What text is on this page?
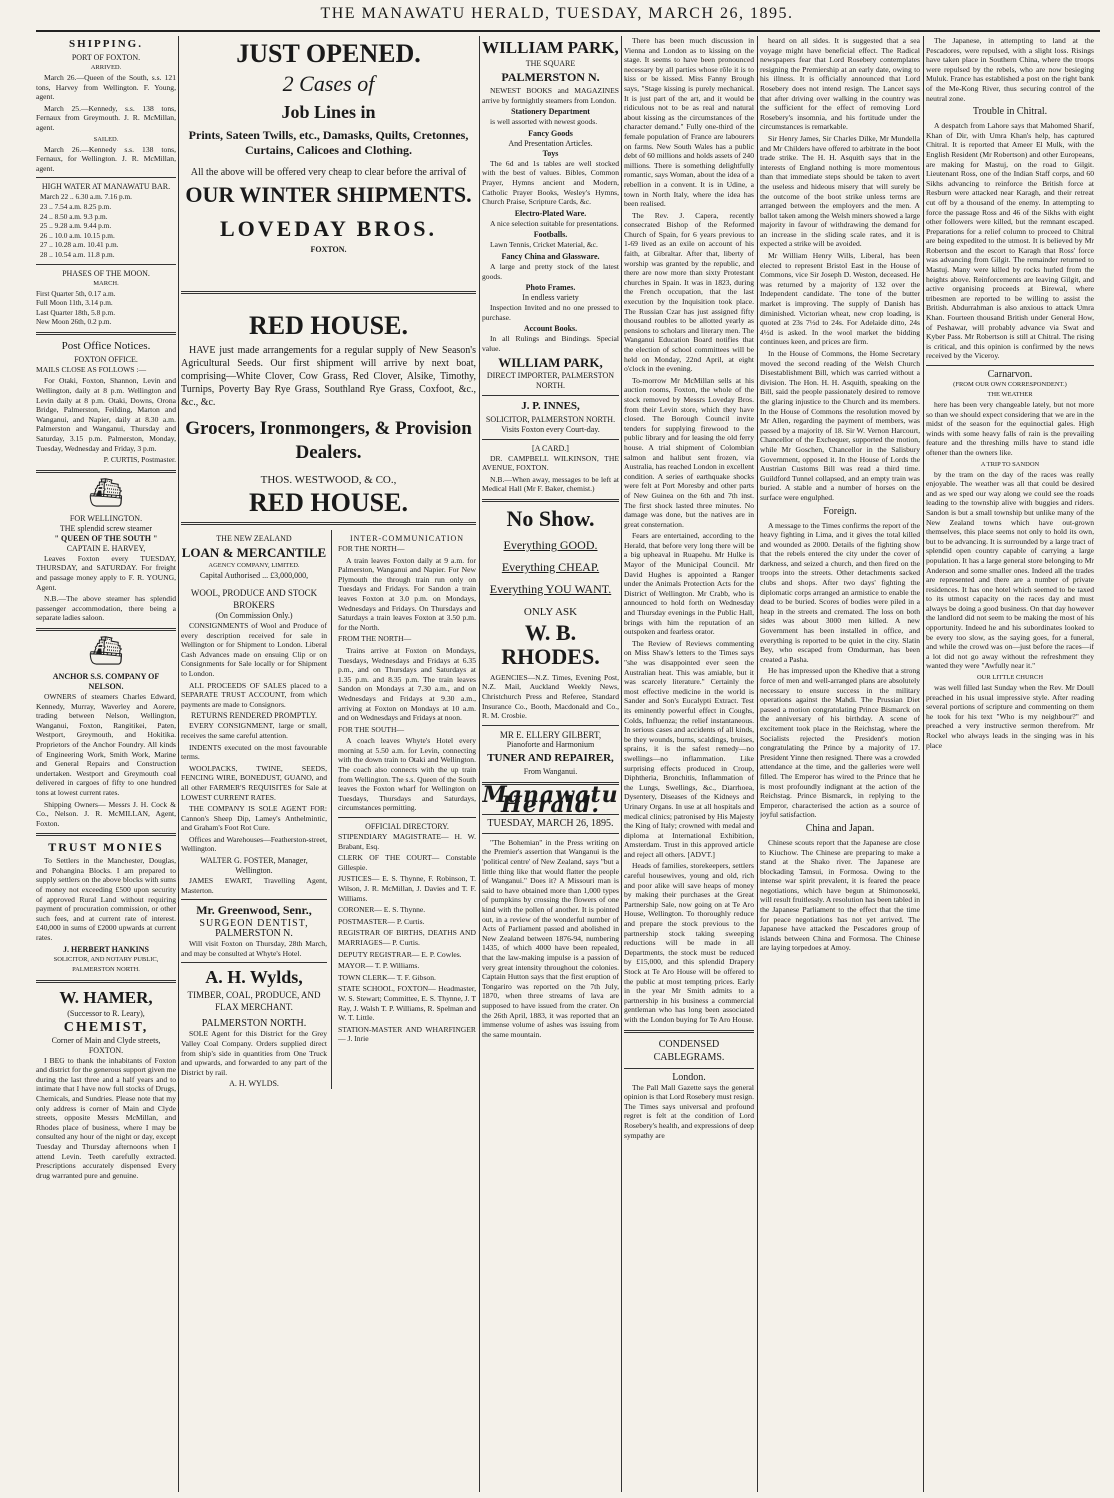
THE MANAWATU HERALD, TUESDAY, MARCH 26, 1895.
SHIPPING.
PORT OF FOXTON.
ARRIVED.
March 26.—Queen of the South, s.s. 121 tons, Harvey from Wellington. F. Young, agent.
March 25.—Kennedy, s.s. 138 tons, Fernaux from Greymouth. J. R. McMillan, agent.
SAILED.
March 26.—Kennedy s.s. 138 tons, Fernaux, for Wellington. J. R. McMillan, agent.
HIGH WATER AT MANAWATU BAR.
March 22 .. 6.30 a.m. 7.16 p.m.
23 .. 7.54 a.m. 8.25 p.m.
24 .. 8.50 a.m. 9.3 p.m.
25 .. 9.28 a.m. 9.44 p.m.
26 .. 10.0 a.m. 10.15 p.m.
27 .. 10.28 a.m. 10.41 p.m.
28 .. 10.54 a.m. 11.8 p.m.
PHASES OF THE MOON.
MARCH.
First Quarter 5th, 0.17 a.m.
Full Moon 11th, 3.14 p.m.
Last Quarter 18th, 5.8 p.m.
New Moon 26th, 0.2 p.m.
Post Office Notices.
FOXTON OFFICE.
MAILS CLOSE AS FOLLOWS :—
For Otaki, Foxton, Shannon, Levin and Wellington, daily at 8 p.m. Wellington and Levin daily at 8 p.m. Otaki, Downs, Orona Bridge, Palmerston, Feilding, Marton and Wanganui, and Napier, daily at 8.30 a.m. Palmerston and Wanganui, Thursday and Saturday, 3.15 p.m. Palmerston, Monday, Tuesday, Wednesday and Friday, 3 p.m.
P. CURTIS, Postmaster.
⛴
FOR WELLINGTON.
THE splendid screw steamer
" QUEEN OF THE SOUTH "
CAPTAIN E. HARVEY,
Leaves Foxton every TUESDAY, THURSDAY, and SATURDAY. For freight and passage money apply to F. R. YOUNG, Agent.
N.B.—The above steamer has splendid passenger accommodation, there being a separate ladies saloon.
⛴
ANCHOR S.S. COMPANY OF NELSON.
OWNERS of steamers Charles Edward, Kennedy, Murray, Waverley and Aorere, trading between Nelson, Wellington, Wanganui, Foxton, Rangitikei, Paten, Westport, Greymouth, and Hokitika. Proprietors of the Anchor Foundry. All kinds of Engineering Work, Smith Work, Marine and General Repairs and Construction undertaken. Westport and Greymouth coal delivered in cargoes of fifty to one hundred tons at lowest current rates.
Shipping Owners— Messrs J. H. Cock & Co., Nelson. J. R. McMILLAN, Agent, Foxton.
TRUST MONIES
To Settlers in the Manchester, Douglas, and Pohangina Blocks. I am prepared to supply settlers on the above blocks with sums of money not exceeding £500 upon security of approved Rural Land without requiring payment of procuration commission, or other such fees, and at current rate of interest. £40,000 in sums of £2000 upwards at current rates.
J. HERBERT HANKINS
SOLICITOR, AND NOTARY PUBLIC, PALMERSTON NORTH.
W. HAMER,
(Successor to R. Leary),
CHEMIST,
Corner of Main and Clyde streets, FOXTON.
I BEG to thank the inhabitants of Foxton and district for the generous support given me during the last three and a half years and to intimate that I have now full stocks of Drugs, Chemicals, and Sundries. Please note that my only address is corner of Main and Clyde streets, opposite Messrs McMillan, and Rhodes place of business, where I may be consulted any hour of the night or day, except Tuesday and Thursday afternoons when I attend Levin. Teeth carefully extracted. Prescriptions accurately dispensed Every drug warranted pure and genuine.
JUST OPENED.
2 Cases of
Job Lines in
Prints, Sateen Twills, etc., Damasks, Quilts, Cretonnes, Curtains, Calicoes and Clothing.
All the above will be offered very cheap to clear before the arrival of
OUR WINTER SHIPMENTS.
LOVEDAY BROS.
FOXTON.
RED HOUSE.
HAVE just made arrangements for a regular supply of New Season's Agricultural Seeds. Our first shipment will arrive by next boat, comprising—White Clover, Cow Grass, Red Clover, Alsike, Timothy, Turnips, Poverty Bay Rye Grass, Southland Rye Grass, Coxfoot, &c., &c., &c.
Grocers, Ironmongers, & Provision Dealers.
THOS. WESTWOOD, & CO.,
RED HOUSE.
THE NEW ZEALAND
LOAN & MERCANTILE
AGENCY COMPANY, LIMITED.
Capital Authorised ... £3,000,000,
WOOL, PRODUCE AND STOCK BROKERS
(On Commission Only.)
CONSIGNMENTS of Wool and Produce of every description received for sale in Wellington or for Shipment to London. Liberal Cash Advances made on ensuing Clip or on Consignments for Sale locally or for Shipment to London.
ALL PROCEEDS OF SALES placed to a SEPARATE TRUST ACCOUNT, from which payments are made to Consignors.
RETURNS RENDERED PROMPTLY.
EVERY CONSIGNMENT, large or small, receives the same careful attention.
INDENTS executed on the most favourable terms.
WOOLPACKS, TWINE, SEEDS, FENCING WIRE, BONEDUST, GUANO, and all other FARMER'S REQUISITES for Sale at LOWEST CURRENT RATES.
THE COMPANY IS SOLE AGENT FOR: Cannon's Sheep Dip, Lamey's Anthelmintic, and Graham's Foot Rot Cure.
Offices and Warehouses—Featherston-street, Wellington.
WALTER G. FOSTER, Manager, Wellington.
JAMES EWART, Travelling Agent, Masterton.
Mr. Greenwood, Senr.,
SURGEON DENTIST,
PALMERSTON N.
Will visit Foxton on Thursday, 28th March, and may be consulted at Whyte's Hotel.
A. H. Wylds,
TIMBER, COAL, PRODUCE, AND FLAX MERCHANT.
PALMERSTON NORTH.
SOLE Agent for this District for the Grey Valley Coal Company. Orders supplied direct from ship's side in quantities from One Truck and upwards, and forwarded to any part of the District by rail.
A. H. WYLDS.
INTER-COMMUNICATION
FOR THE NORTH—
A train leaves Foxton daily at 9 a.m. for Palmerston, Wanganui and Napier. For New Plymouth the through train run only on Tuesdays and Fridays. For Sandon a train leaves Foxton at 3.0 p.m. on Mondays, Wednesdays and Fridays. On Thursdays and Saturdays a train leaves Foxton at 3.50 p.m. for the North.
FROM THE NORTH—
Trains arrive at Foxton on Mondays, Tuesdays, Wednesdays and Fridays at 6.35 p.m., and on Thursdays and Saturdays at 1.35 p.m. and 8.35 p.m. The train leaves Sandon on Mondays at 7.30 a.m., and on Wednesdays and Fridays at 9.30 a.m., arriving at Foxton on Mondays at 10 a.m. and on Wednesdays and Fridays at noon.
FOR THE SOUTH—
A coach leaves Whyte's Hotel every morning at 5.50 a.m. for Levin, connecting with the down train to Otaki and Wellington. The coach also connects with the up train from Wellington. The s.s. Queen of the South leaves the Foxton wharf for Wellington on Tuesdays, Thursdays and Saturdays, circumstances permitting.
OFFICIAL DIRECTORY.
STIPENDIARY MAGISTRATE— H. W. Brabant, Esq.
CLERK OF THE COURT— Constable Gillespie.
JUSTICES— E. S. Thynne, F. Robinson, T. Wilson, J. R. McMillan, J. Davies and T. F. Williams.
CORONER— E. S. Thynne.
POSTMASTER— P. Curtis.
REGISTRAR OF BIRTHS, DEATHS AND MARRIAGES— P. Curtis.
DEPUTY REGISTRAR— E. P. Cowles.
MAYOR— T. P. Williams.
TOWN CLERK— T. F. Gibson.
STATE SCHOOL, FOXTON— Headmaster, W. S. Stewart; Committee, E. S. Thynne, J. T Ray, J. Walsh T. P. Williams, R. Spelman and W. T. Little.
STATION-MASTER AND WHARFINGER— J. Inrie
WILLIAM PARK,
THE SQUARE
PALMERSTON N.
NEWEST BOOKS and MAGAZINES arrive by fortnightly steamers from London.
Stationery Department
is well assorted with newest goods.
Fancy Goods
And Presentation Articles.
Toys
The 6d and 1s tables are well stocked with the best of values. Bibles, Common Prayer, Hymns ancient and Modern, Catholic Prayer Books, Wesley's Hymns, Church Praise, Scripture Cards, &c.
Electro-Plated Ware.
A nice selection suitable for presentations.
Footballs.
Lawn Tennis, Cricket Material, &c.
Fancy China and Glassware.
A large and pretty stock of the latest goods.
Photo Frames.
In endless variety
Inspection Invited and no one pressed to purchase.
Account Books.
In all Rulings and Bindings. Special value.
WILLIAM PARK,
DIRECT IMPORTER, PALMERSTON NORTH.
J. P. INNES,
SOLICITOR, PALMERSTON NORTH.
Visits Foxton every Court-day.
[A CARD.]
DR. CAMPBELL WILKINSON, THE AVENUE, FOXTON.
N.B.—When away, messages to be left at Medical Hall (Mr F. Baker, chemist.)
No Show.
Everything GOOD.
Everything CHEAP.
Everything YOU WANT.
ONLY ASK
W. B. RHODES.
AGENCIES—N.Z. Times, Evening Post, N.Z. Mail, Auckland Weekly News, Christchurch Press and Referee, Standard Insurance Co., Booth, Macdonald and Co., R. M. Crosbie.
MR E. ELLERY GILBERT,
Pianoforte and Harmonium
TUNER AND REPAIRER,
From Wanganui.
Manawatu Herald.
TUESDAY, MARCH 26, 1895.
"The Bohemian" in the Press writing on the Premier's assertion that Wanganui is the 'political centre' of New Zealand, says "but a little thing like that would flatter the people of Wanganui." Does it? A Missouri man is said to have obtained more than 1,000 types of pumpkins by crossing the flowers of one kind with the pollen of another. It is pointed out, in a review of the wonderful number of Acts of Parliament passed and abolished in New Zealand between 1876-94, numbering 1435, of which 4000 have been repealed, that the law-making impulse is a passion of very great intensity throughout the colonies. Captain Hutton says that the first eruption of Tongariro was reported on the 7th July, 1870, when three streams of lava are supposed to have issued from the crater. On the 26th April, 1883, it was reported that an immense volume of ashes was issuing from the same mountain.
There has been much discussion in Vienna and London as to kissing on the stage. It seems to have been pronounced necessary by all parties whose rôle it is to kiss or be kissed. Miss Fanny Brough says, "Stage kissing is purely mechanical. It is just part of the art, and it would be ridiculous not to be as real and natural about kissing as the circumstances of the character demand." Fully one-third of the female population of France are labourers on farms. New South Wales has a public debt of 60 millions and holds assets of 240 millions. There is something delightfully romantic, says Woman, about the idea of a rebellion in a convent. It is in Udine, a town in North Italy, where the idea has been realised.
The Rev. J. Capera, recently consecrated Bishop of the Reformed Church of Spain, for 6 years previous to 1-69 lived as an exile on account of his faith, at Gibraltar. After that, liberty of worship was granted by the republic, and there are now more than sixty Protestant churches in Spain. It was in 1823, during the French occupation, that the last execution by the Inquisition took place. The Russian Czar has just assigned fifty thousand roubles to be allotted yearly as pensions to scholars and literary men. The Wanganui Education Board notifies that the election of school committees will be held on Monday, 22nd April, at eight o'clock in the evening.
To-morrow Mr McMillan sells at his auction rooms, Foxton, the whole of the stock removed by Messrs Loveday Bros. from their Levin store, which they have closed. The Borough Council invite tenders for supplying firewood to the public library and for leasing the old ferry house. A trial shipment of Colombian salmon and halibut sent frozen, via Australia, has reached London in excellent condition. A series of earthquake shocks were felt at Port Moresby and other parts of New Guinea on the 6th and 7th inst. The first shock lasted three minutes. No damage was done, but the natives are in great consternation.
Fears are entertained, according to the Herald, that before very long there will be a big upheaval in Ruapehu. Mr Hulke is Mayor of the Municipal Council. Mr David Hughes is appointed a Ranger under the Animals Protection Acts for the District of Wellington. Mr Crabb, who is announced to hold forth on Wednesday and Thursday evenings in the Public Hall, brings with him the reputation of an outspoken and fearless orator.
The Review of Reviews commenting on Miss Shaw's letters to the Times says "she was disappointed ever seen the Australian heat. This was amiable, but it was scarcely literature." Certainly the most effective medicine in the world is Sander and Son's Eucalypti Extract. Test its eminently powerful effect in Coughs, Colds, Influenza; the relief instantaneous. In serious cases and accidents of all kinds, be they wounds, burns, scaldings, bruises, sprains, it is the safest remedy—no swellings—no inflammation. Like surprising effects produced in Croup, Diphtheria, Bronchitis, Inflammation of the Lungs, Swellings, &c., Diarrhoea, Dysentery, Diseases of the Kidneys and Urinary Organs. In use at all hospitals and medical clinics; patronised by His Majesty the King of Italy; crowned with medal and diploma at International Exhibition, Amsterdam. Trust in this approved article and reject all others. [ADVT.]
Heads of families, storekeepers, settlers careful housewives, young and old, rich and poor alike will save heaps of money by making their purchases at the Great Partnership Sale, now going on at Te Aro House, Wellington. To thoroughly reduce and prepare the stock previous to the partnership stock taking sweeping reductions will be made in all Departments, the stock must be reduced by £15,000, and this splendid Drapery Stock at Te Aro House will be offered to the public at most tempting prices. Early in the year Mr Smith admits to a partnership in his business a commercial gentleman who has long been associated with the London buying for Te Aro House.
CONDENSED CABLEGRAMS.
London.
The Pall Mall Gazette says the general opinion is that Lord Rosebery must resign. The Times says universal and profound regret is felt at the condition of Lord Rosebery's health, and expressions of deep sympathy are
heard on all sides. It is suggested that a sea voyage might have beneficial effect. The Radical newspapers fear that Lord Rosebery contemplates resigning the Premiership at an early date, owing to his illness. It is officially announced that Lord Rosebery does not intend resign. The Lancet says that after driving over walking in the country was the sufficient for the effect of removing Lord Rosebery's insomnia, and his fortitude under the circumstances is remarkable.
Sir Henry James, Sir Charles Dilke, Mr Mundella and Mr Childers have offered to arbitrate in the boot trade strike. The H. H. Asquith says that in the interests of England nothing is more momentous than that immediate steps should be taken to avert the useless and hideous misery that will surely be the outcome of the boot strike unless terms are arranged between the employers and the men. A ballot taken among the Welsh miners showed a large majority in favour of withdrawing the demand for an increase in the sliding scale rates, and it is expected a strike will be avoided.
Mr William Henry Wills, Liberal, has been elected to represent Bristol East in the House of Commons, vice Sir Joseph D. Weston, deceased. He was returned by a majority of 132 over the Independent candidate. The tone of the butter market is improving. The supply of Danish has diminished. Victorian wheat, new crop loading, is quoted at 23s 7½d to 24s. For Adelaide ditto, 24s 4½d is asked. In the wool market the bidding continues keen, and prices are firm.
In the House of Commons, the Home Secretary moved the second reading of the Welsh Church Disestablishment Bill, which was carried without a division. The Hon. H. H. Asquith, speaking on the Bill, said the people passionately desired to remove the glaring injustice to the Church and its members. In the House of Commons the resolution moved by Mr Allen, regarding the payment of members, was passed by a majority of 18. Sir W. Vernon Harcourt, Chancellor of the Exchequer, supported the motion, while Mr Goschen, Chancellor in the Salisbury Government, opposed it. In the House of Lords the Austrian Customs Bill was read a third time. Guildford Tunnel collapsed, and an empty train was buried. A stable and a number of horses on the surface were engulphed.
Foreign.
A message to the Times confirms the report of the heavy fighting in Lima, and it gives the total killed and wounded as 2000. Details of the fighting show that the rebels entered the city under the cover of darkness, and seized a church, and then fired on the troops into the streets. Other detachments sacked clubs and shops. After two days' fighting the diplomatic corps arranged an armistice to enable the dead to be buried. Scores of bodies were piled in a heap in the streets and cremated. The loss on both sides was about 3000 men killed. A new Government has been installed in office, and everything is reported to be quiet in the city. Slatin Bey, who escaped from Omdurman, has been created a Pasha.
He has impressed upon the Khedive that a strong force of men and well-arranged plans are absolutely necessary to ensure success in the military operations against the Mahdi. The Prussian Diet passed a motion congratulating Prince Bismarck on the anniversary of his birthday. A scene of excitement took place in the Reichstag, where the Socialists rejected the President's motion congratulating the Prince by a majority of 17. President Yinne then resigned. There was a crowded attendance at the time, and the galleries were well filled. The Emperor has wired to the Prince that he is most profoundly indignant at the action of the Reichstag. Prince Bismarck, in replying to the Emperor, characterised the action as a source of joyful satisfaction.
China and Japan.
Chinese scouts report that the Japanese are close to Kiuchow. The Chinese are preparing to make a stand at the Shako river. The Japanese are blockading Tamsui, in Formosa. Owing to the intense war spirit prevalent, it is feared the peace negotiations, which have begun at Shimonoseki, will result fruitlessly. A resolution has been tabled in the Japanese Parliament to the effect that the time for peace negotiations has not yet arrived. The Japanese have attacked the Pescadores group of islands between China and Formosa. The Chinese are laying torpedoes at Amoy.
The Japanese, in attempting to land at the Pescadores, were repulsed, with a slight loss. Risings have taken place in Southern China, where the troops were repulsed by the rebels, who are now besieging Muluk. France has established a post on the right bank of the Me-Kong River, thus securing control of the neutral zone.
Trouble in Chitral.
A despatch from Lahore says that Mahomed Sharif, Khan of Dir, with Umra Khan's help, has captured Chitral. It is reported that Ameer El Mulk, with the English Resident (Mr Robertson) and other Europeans, are making for Mastuj, on the road to Gilgit. Lieutenant Ross, one of the Indian Staff corps, and 60 Sikhs advancing to reinforce the British force at Resburn were attacked near Karagh, and their retreat cut off by a thousand of the enemy. In attempting to force the passage Ross and 46 of the Sikhs with eight other followers were killed, but the remnant escaped. Preparations for a relief column to proceed to Chitral are being expedited to the utmost. It is believed by Mr Robertson and the escort to Karagh that Ross' force was advancing from Gilgit. The remainder returned to Mastuj. Many were killed by rocks hurled from the heights above. Reinforcements are leaving Gilgit, and active organising proceeds at Birewal, where tribesmen are reported to be willing to assist the British. Abdurrahman is also anxious to attack Umra Khan. Fourteen thousand British under General How, of Peshawar, will probably advance via Swat and Kyber Pass. Mr Robertson is still at Chitral. The rising is critical, and this opinion is confirmed by the news received by the Viceroy.
Carnarvon.
(FROM OUR OWN CORRESPONDENT.)
THE WEATHER
here has been very changeable lately, but not more so than we should expect considering that we are in the midst of the season for the equinoctial gales. High winds with some heavy falls of rain is the prevailing feature and the threshing mills have to stand idle oftener than the owners like.
A TRIP TO SANDON
by the tram on the day of the races was really enjoyable. The weather was all that could be desired and as we sped our way along we could see the roads leading to the township alive with buggies and riders. Sandon is but a small township but unlike many of the New Zealand towns which have out-grown themselves, this place seems not only to hold its own, but to be advancing. It is surrounded by a large tract of splendid open country capable of carrying a large population. It has a large general store belonging to Mr Anderson and some smaller ones. Indeed all the trades are represented and there are a number of private residences. It has one hotel which seemed to be taxed to its utmost capacity on the races day and must always be doing a good business. On that day however the landlord did not seem to be making the most of his opportunity. Indeed he and his subordinates looked to be every too slow, as the saying goes, for a funeral, and while the crowd was on—just before the races—if a lot did not go away without the refreshment they wanted they were "Awfully near it."
OUR LITTLE CHURCH
was well filled last Sunday when the Rev. Mr Doull preached in his usual impressive style. After reading several portions of scripture and commenting on them he took for his text "Who is my neighbour?" and preached a very instructive sermon therefrom. Mr Rockel who always leads in the singing was in his place
